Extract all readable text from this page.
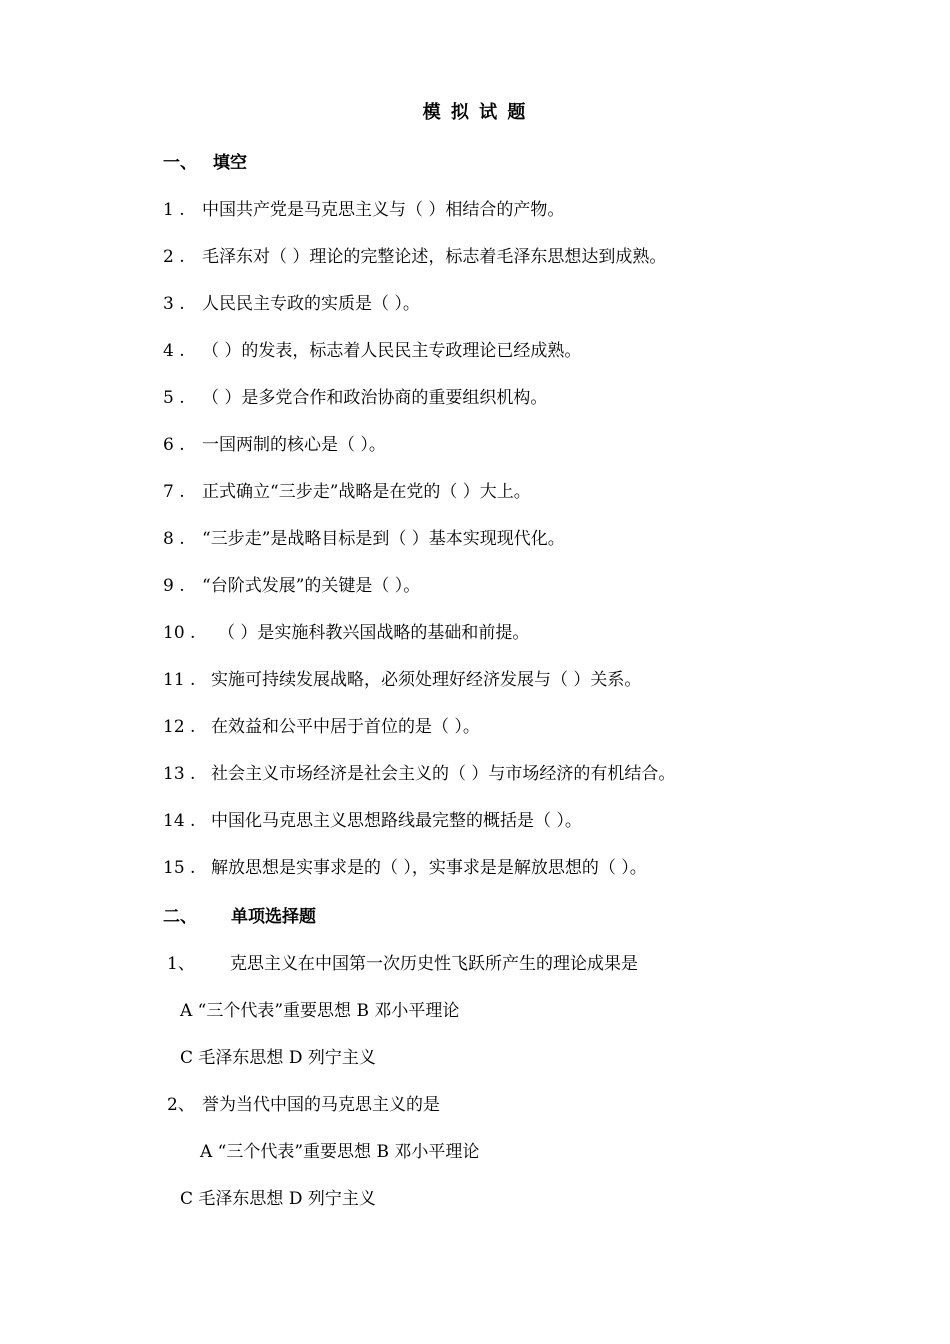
模 拟 试 题
一、 填空
1 . 中国共产党是马克思主义与（ ）相结合的产物。
2 . 毛泽东对（ ）理论的完整论述，标志着毛泽东思想达到成熟。
3 . 人民民主专政的实质是（ ）。
4 . （ ）的发表，标志着人民民主专政理论已经成熟。
5 . （ ）是多党合作和政治协商的重要组织机构。
6 . 一国两制的核心是（ ）。
7 . 正式确立“三步走”战略是在党的（ ）大上。
8 . “三步走”是战略目标是到（ ）基本实现现代化。
9 . “台阶式发展”的关键是（ ）。
10 . （ ）是实施科教兴国战略的基础和前提。
11 . 实施可持续发展战略，必须处理好经济发展与（ ）关系。
12 . 在效益和公平中居于首位的是（ ）。
13 . 社会主义市场经济是社会主义的（ ）与市场经济的有机结合。
14 . 中国化马克思主义思想路线最完整的概括是（ ）。
15 . 解放思想是实事求是的（ ），实事求是是解放思想的（ ）。
二、 单项选择题
1、 克思主义在中国第一次历史性飞跃所产生的理论成果是
A “三个代表”重要思想 B 邓小平理论
C 毛泽东思想 D 列宁主义
2、 誉为当代中国的马克思主义的是
A “三个代表”重要思想 B 邓小平理论
C 毛泽东思想 D 列宁主义
